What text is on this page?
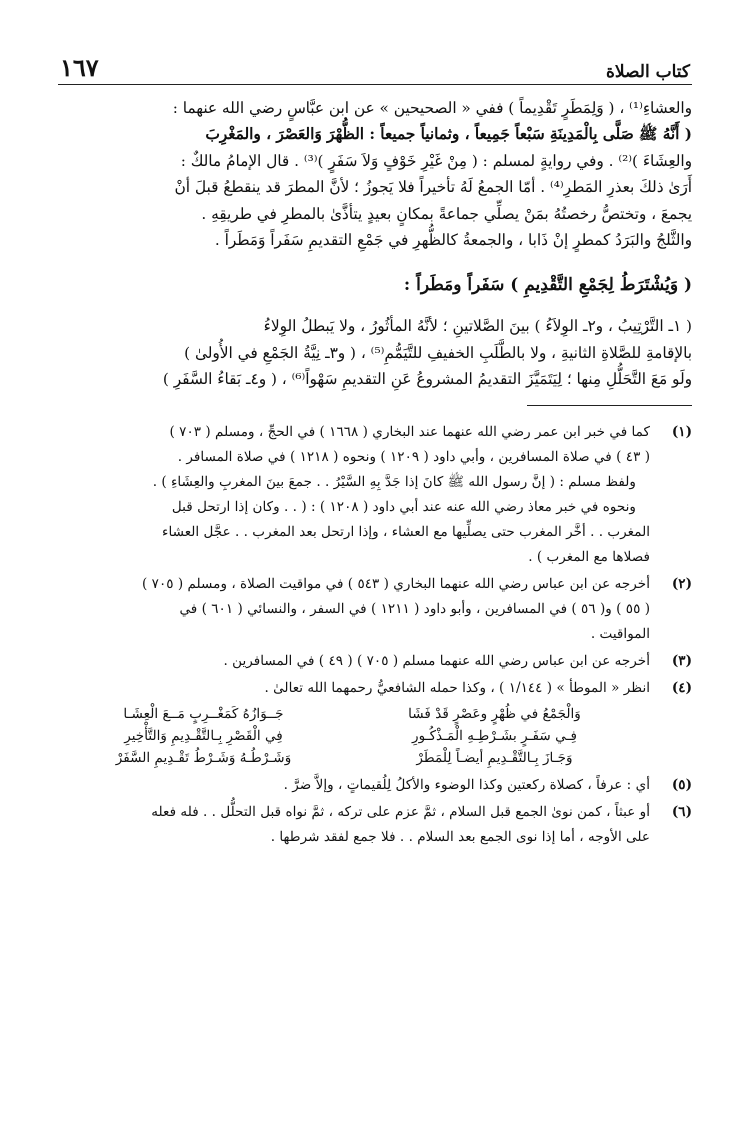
كتاب الصلاة
١٦٧

والعشاءِ⁽¹⁾ ، ( وَلِمَطَرٍ تَقْدِيماً ) ففي « الصحيحين » عن ابن عبَّاسٍ رضي الله عنهما :

( أَنَّهُ ﷺ صَلَّى بِالْمَدِينَةِ سَبْعاً جَمِيعاً ، وثمانياً جميعاً : الظُّهْرَ وَالعَصْرَ ، والمَغْرِبَ

والعِشَاءَ )⁽²⁾ . وفي روايةٍ لمسلم : ( مِنْ غَيْرِ خَوْفٍ وَلاَ سَفَرٍ )⁽³⁾ . قال الإمامُ مالكٌ :

أَرَىٰ ذلكَ بعذرِ المَطرِ⁽⁴⁾ . أمّا الجمعُ لَهُ تأخيراً فلا يَجوزُ ؛ لأنَّ المطرَ قد ينقطعُ قبلَ أنْ

يجمعَ ، وتختصُّ رخصتُهُ بمَنْ يصلِّي جماعةً بمكانٍ بعيدٍ يتأذَّىٰ بالمطرِ في طريقِهِ .

والثَّلجُ والبَرَدُ كمطرٍ إنْ ذَابا ، والجمعةُ كالظُّهرِ في جَمْعِ التقديمِ سَفَراً وَمَطَراً .

( وَيُشْتَرَطُ لِجَمْعِ التَّقْدِيمِ ) سَفَراً ومَطَراً :

( ١ـ التَّرْتِيبُ ، و٢ـ الوِلاَءُ ) بينَ الصَّلاتينِ ؛ لأنَّهُ المأثُورُ ، ولا يَبطلُ الوِلاءُ

بالإقامةِ للصَّلاةِ الثانيةِ ، ولا بالطَّلَبِ الخفيفِ للتَّيَمُّمِ⁽⁵⁾ ، ( و٣ـ نِيَّةُ الجَمْعِ في الأُولىٰ )

ولَو مَعَ التَّحَلُّلِ مِنها ؛ لِيَتَمَيَّزَ التقديمُ المشروعُ عَنِ التقديمِ سَهْواً⁽⁶⁾ ، ( و٤ـ بَقاءُ السَّفَرِ )

(١)
كما في خبر ابن عمر رضي الله عنهما عند البخاري ( ١٦٦٨ ) في الحجِّ ، ومسلم ( ٧٠٣ )
( ٤٣ ) في صلاة المسافرين ، وأبي داود ( ١٢٠٩ ) ونحوه ( ١٢١٨ ) في صلاة المسافر .
ولفظ مسلم : ( إنَّ رسول الله ﷺ كانَ إذا جَدَّ بِهِ السَّيْرُ . . جمعَ بينَ المغربِ والعِشَاءِ ) .
ونحوه في خبر معاذ رضي الله عنه عند أبي داود ( ١٢٠٨ ) : ( . . وكان إذا ارتحل قبل
المغرب . . أخَّر المغرب حتى يصلِّيها مع العشاء ، وإذا ارتحل بعد المغرب . . عجَّل العشاء
فصلاها مع المغرب ) .
(٢)
أخرجه عن ابن عباس رضي الله عنهما البخاري ( ٥٤٣ ) في مواقيت الصلاة ، ومسلم ( ٧٠٥ )
( ٥٥ ) و( ٥٦ ) في المسافرين ، وأبو داود ( ١٢١١ ) في السفر ، والنسائي ( ٦٠١ ) في
المواقيت .
(٣)
أخرجه عن ابن عباس رضي الله عنهما مسلم ( ٧٠٥ ) ( ٤٩ ) في المسافرين .
(٤)
انظر « الموطأ » ( ١/١٤٤ ) ، وكذا حمله الشافعيُّ رحمهما الله تعالىٰ .
وَالْجَمْعُ في ظُهْرٍ وعَصْرٍ قَدْ فَشَا
جَــوَازُهُ كَمَغْــرِبٍ مَــعَ الْعِشَـا
فِـي سَفَـرٍ بشَـرْطِـهِ الْمَـذْكُـورِ
فِي الْقَصْرِ بِـالتَّقْـدِيمِ وَالتَّأْخِيرِ
وَجَـازَ بِـالتَّقْـدِيمِ أيضـاً لِلْمَطَرْ
وَشَـرْطُـهُ وَشَـرْطُ تَقْـدِيمِ السَّفَرْ
(٥)
أي : عرفاً ، كصلاة ركعتين وكذا الوضوء والأكلُ لِلُقيماتٍ ، وإلاَّ ضرَّ .
(٦)
أو عبثاً ، كمن نوىٰ الجمع قبل السلام ، ثمَّ عزم على تركه ، ثمَّ نواه قبل التحلُّل . . فله فعله
على الأوجه ، أما إذا نوى الجمع بعد السلام . . فلا جمع لفقد شرطها .
